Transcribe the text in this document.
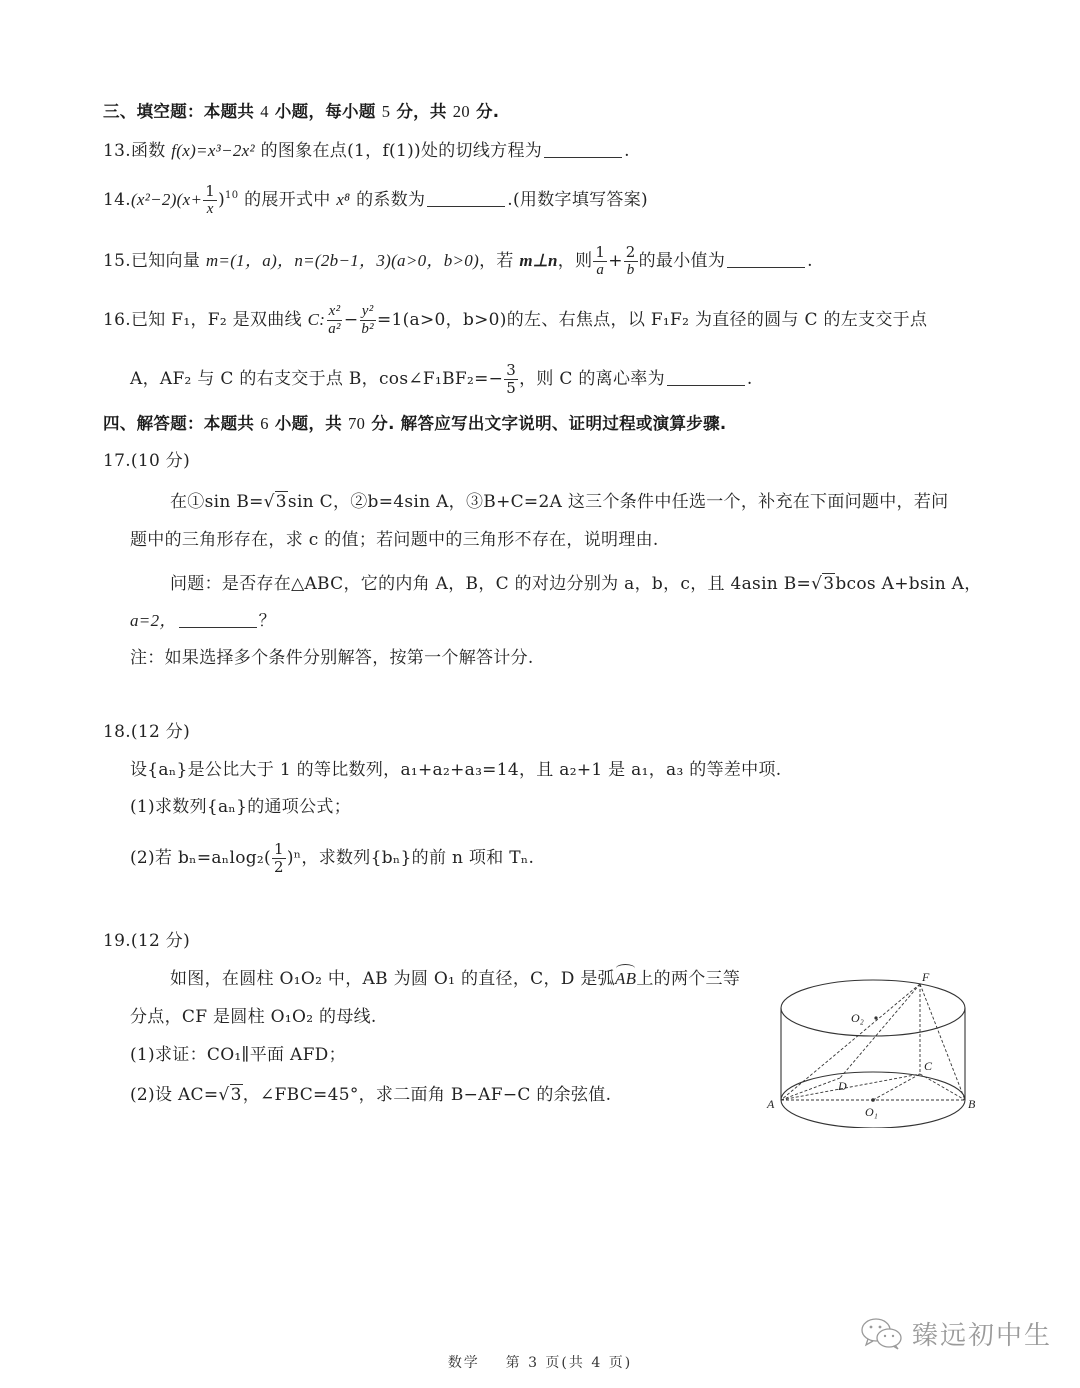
三、填空题：本题共 4 小题，每小题 5 分，共 20 分.
13.函数 f(x)=x³−2x² 的图象在点(1，f(1))处的切线方程为	.
$14.(x^2-2)(x+ \frac{1}{x} )^{10}$ 的展开式中 x⁸ 的系数为	.(用数字填写答案)
15.已知向量 m=(1，a)，n=(2b−1，3)(a>0，b>0)，若 m⊥n，则 $\frac{1}{a} + \frac{2}{b}$ 的最小值为	.
16.已知 F₁，F₂ 是双曲线 C: $\frac{\text{x²}}{\text{a²}} - \frac{\text{y²}}{\text{b²}} =1(a>0$，b>0)的左、右焦点，以 F₁F₂ 为直径的圆与 C 的左支交于点
A，AF₂ 与 C 的右支交于点 B，cos∠F₁BF₂=− $\frac{3}{5}$ ，则 C 的离心率为	.
四、解答题：本题共 6 小题，共 70 分. 解答应写出文字说明、证明过程或演算步骤.
17.(10 分)
在①sin B=√3sin C，②b=4sin A，③B+C=2A 这三个条件中任选一个，补充在下面问题中，若问
题中的三角形存在，求 c 的值；若问题中的三角形不存在，说明理由.
问题：是否存在△ABC，它的内角 A，B，C 的对边分别为 a，b，c，且 4asin B=√3bcos A+bsin A，
a=2，	？
注：如果选择多个条件分别解答，按第一个解答计分.
18.(12 分)
设{aₙ}是公比大于 1 的等比数列，a₁+a₂+a₃=14，且 a₂+1 是 a₁，a₃ 的等差中项.
(1)求数列{aₙ}的通项公式；
(2)若 $b_n=a_n\log_2( \frac{1}{2} )^n$，求数列{bₙ}的前 n 项和 Tₙ.
19.(12 分)
如图，在圆柱 O₁O₂ 中，AB 为圆 O₁ 的直径，C，D 是弧AB上的两个三等
分点，CF 是圆柱 O₁O₂ 的母线.
(1)求证：CO₁∥平面 AFD；
(2)设 AC=√3，∠FBC=45°，求二面角 B−AF−C 的余弦值.
F
O₂
C
D
A	B
O₁
臻远初中生
数学 第 3 页(共 4 页)
